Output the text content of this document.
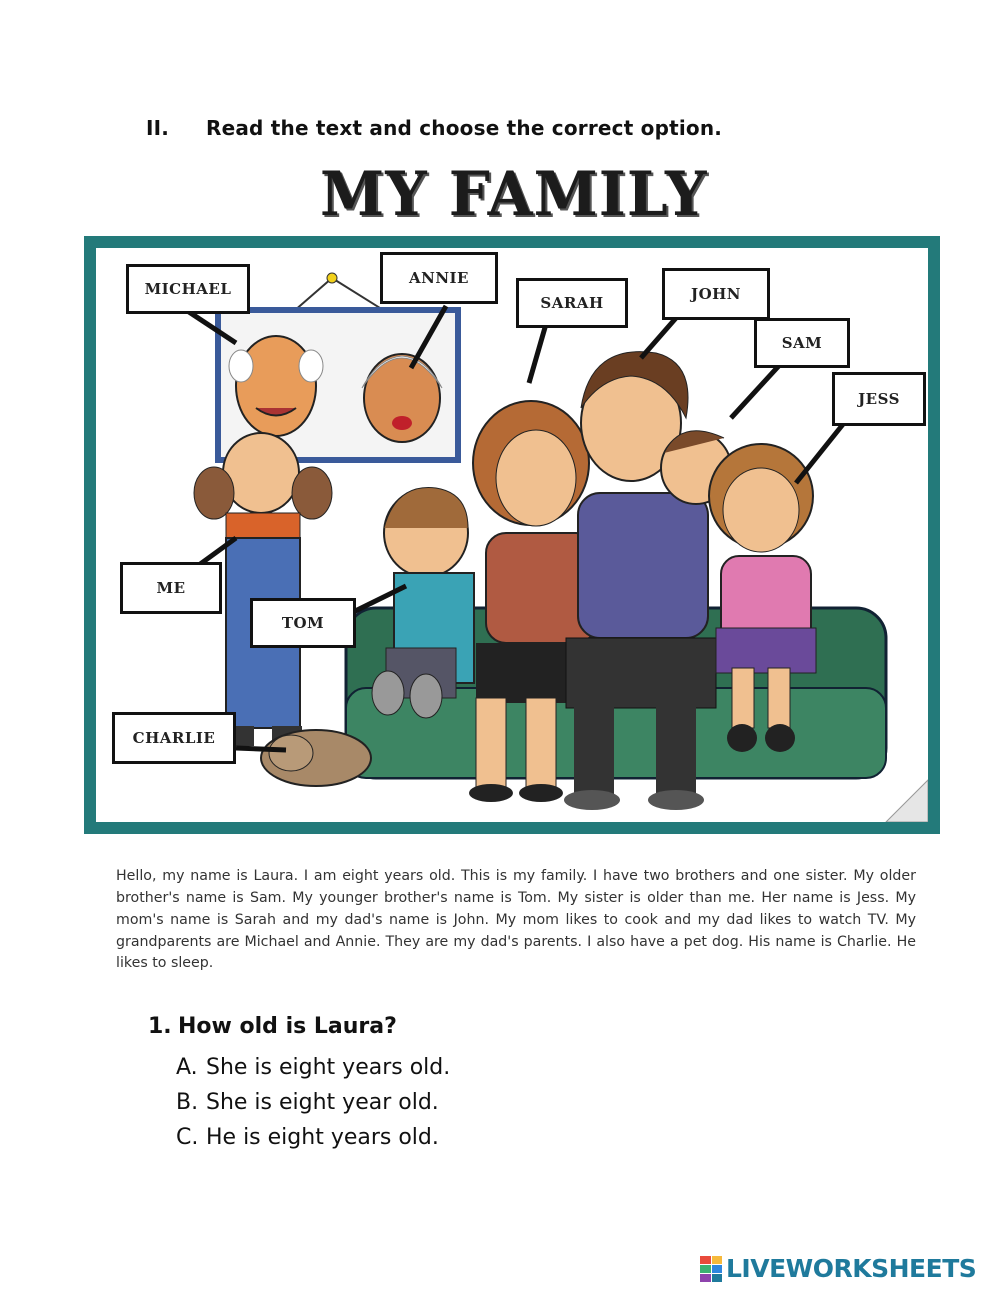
II. Read the text and choose the correct option.
MY FAMILY
MICHAEL
ANNIE
SARAH	JOHN
SAM
JESS
ME
TOM
CHARLIE

Hello, my name is Laura. I am eight years old. This is my family. I have two brothers and one sister. My older brother's name is Sam. My younger brother's name is Tom. My sister is older than me. Her name is Jess. My mom's name is Sarah and my dad's name is John. My mom likes to cook and my dad likes to watch TV. My grandparents are Michael and Annie. They are my dad's parents. I also have a pet dog. His name is Charlie. He likes to sleep.

1. How old is Laura?
A. She is eight years old.
B. She is eight year old.
C. He is eight years old.
LIVEWORKSHEETS
